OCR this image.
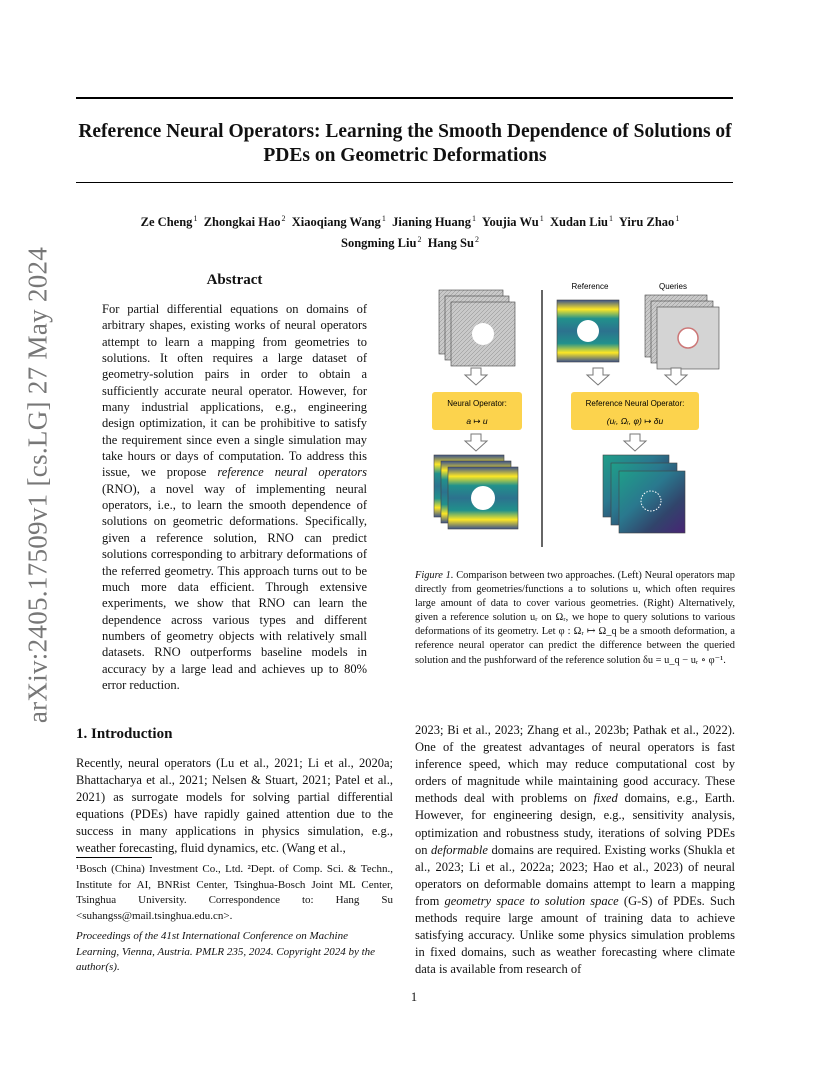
Reference Neural Operators: Learning the Smooth Dependence of Solutions of
PDEs on Geometric Deformations
Ze Cheng $^1$ Zhongkai Hao $^2$ Xiaoqiang Wang $^1$ Jianing Huang $^1$ Youjia Wu $^1$ Xudan Liu $^1$ Yiru Zhao $^1$
Songming Liu $^2$ Hang Su $^2$
arXiv:2405.17509v1 [cs.LG] 27 May 2024	Abstract
For partial differential equations on domains of arbitrary shapes, existing works of neural operators attempt to learn a mapping from geometries to solutions. It often requires a large dataset of geometry-solution pairs in order to obtain a sufficiently accurate neural operator. However, for many industrial applications, e.g., engineering design optimization, it can be prohibitive to satisfy the requirement since even a single simulation may take hours or days of computation. To address this issue, we propose reference neural operators (RNO), a novel way of implementing neural operators, i.e., to learn the smooth dependence of solutions on geometric deformations. Specifically, given a reference solution, RNO can predict solutions corresponding to arbitrary deformations of the referred geometry. This approach turns out to be much more data efficient. Through extensive experiments, we show that RNO can learn the dependence across various types and different numbers of geometry objects with relatively small datasets. RNO outperforms baseline models in accuracy by a large lead and achieves up to 80% error reduction.
Neural Operator:
a ↦ u
Reference	Queries
Reference Neural Operator:
(uᵣ, Ωᵣ, φ) ↦ δu
Figure 1. Comparison between two approaches. (Left) Neural operators map directly from geometries/functions a to solutions u, which often requires large amount of data to cover various geometries. (Right) Alternatively, given a reference solution uᵣ on Ωᵣ, we hope to query solutions to various deformations of its geometry. Let φ : Ωᵣ ↦ Ω_q be a smooth deformation, a reference neural operator can predict the difference between the queried solution and the pushforward of the reference solution δu = u_q − uᵣ ∘ φ⁻¹.
1. Introduction
Recently, neural operators (Lu et al., 2021; Li et al., 2020a; Bhattacharya et al., 2021; Nelsen & Stuart, 2021; Patel et al., 2021) as surrogate models for solving partial differential equations (PDEs) have rapidly gained attention due to the success in many applications in physics simulation, e.g., weather forecasting, fluid dynamics, etc. (Wang et al.,
¹Bosch (China) Investment Co., Ltd. ²Dept. of Comp. Sci. & Techn., Institute for AI, BNRist Center, Tsinghua-Bosch Joint ML Center, Tsinghua University. Correspondence to: Hang Su <suhangss@mail.tsinghua.edu.cn>.
Proceedings of the 41st International Conference on Machine Learning, Vienna, Austria. PMLR 235, 2024. Copyright 2024 by the author(s).
2023; Bi et al., 2023; Zhang et al., 2023b; Pathak et al., 2022). One of the greatest advantages of neural operators is fast inference speed, which may reduce computational cost by orders of magnitude while maintaining good accuracy. These methods deal with problems on fixed domains, e.g., Earth. However, for engineering design, e.g., sensitivity analysis, optimization and robustness study, iterations of solving PDEs on deformable domains are required. Existing works (Shukla et al., 2023; Li et al., 2022a; 2023; Hao et al., 2023) of neural operators on deformable domains attempt to learn a mapping from geometry space to solution space (G-S) of PDEs. Such methods require large amount of training data to achieve satisfying accuracy. Unlike some physics simulation problems in fixed domains, such as weather forecasting where climate data is available from research of
1
